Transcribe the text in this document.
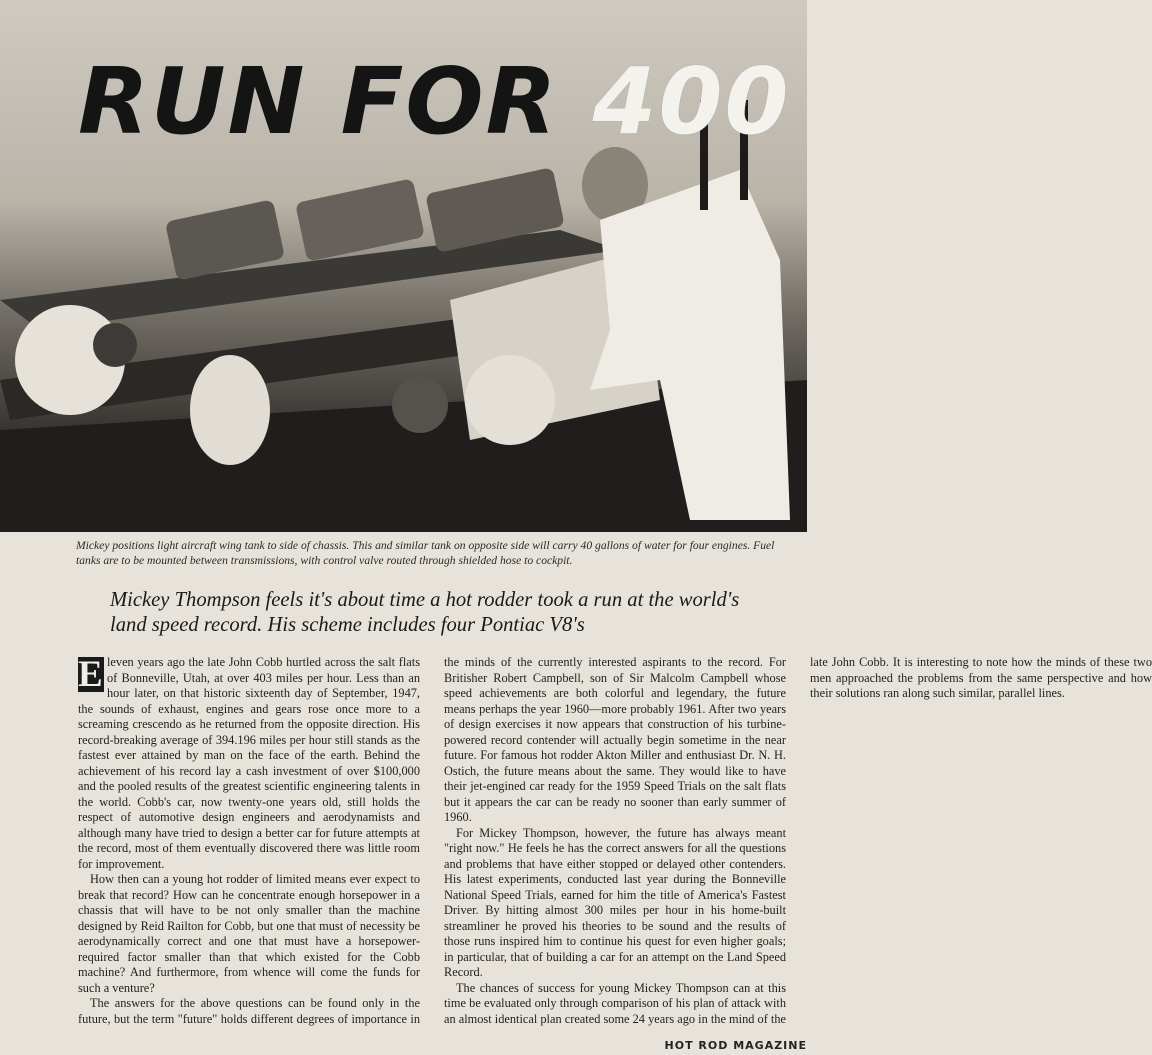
RUN FOR 400
Mickey positions light aircraft wing tank to side of chassis. This and similar tank on opposite side will carry 40 gallons of water for four engines. Fuel tanks are to be mounted between transmissions, with control valve routed through shielded hose to cockpit.
Mickey Thompson feels it's about time a hot rodder took a run at the world's land speed record. His scheme includes four Pontiac V8's

E leven years ago the late John Cobb hurtled across the salt flats of Bonneville, Utah, at over 403 miles per hour. Less than an hour later, on that historic sixteenth day of September, 1947, the sounds of exhaust, engines and gears rose once more to a screaming crescendo as he returned from the opposite direction. His record-breaking average of 394.196 miles per hour still stands as the fastest ever attained by man on the face of the earth. Behind the achievement of his record lay a cash investment of over $100,000 and the pooled results of the greatest scientific engineering talents in the world. Cobb's car, now twenty-one years old, still holds the respect of automotive design engineers and aerodynamists and although many have tried to design a better car for future attempts at the record, most of them eventually discovered there was little room for improvement.

How then can a young hot rodder of limited means ever expect to break that record? How can he concentrate enough horsepower in a chassis that will have to be not only smaller than the machine designed by Reid Railton for Cobb, but one that must of necessity be aerodynamically correct and one that must have a horsepower-required factor smaller than that which existed for the Cobb machine? And furthermore, from whence will come the funds for such a venture?

The answers for the above questions can be found only in the future, but the term "future" holds different degrees of importance in the minds of the currently interested aspirants to the record. For Britisher Robert Campbell, son of Sir Malcolm Campbell whose speed achievements are both colorful and legendary, the future means perhaps the year 1960—more probably 1961. After two years of design exercises it now appears that construction of his turbine-powered record contender will actually begin sometime in the near future. For famous hot rodder Akton Miller and enthusiast Dr. N. H. Ostich, the future means about the same. They would like to have their jet-engined car ready for the 1959 Speed Trials on the salt flats but it appears the car can be ready no sooner than early summer of 1960.

For Mickey Thompson, however, the future has always meant "right now." He feels he has the correct answers for all the questions and problems that have either stopped or delayed other contenders. His latest experiments, conducted last year during the Bonneville National Speed Trials, earned for him the title of America's Fastest Driver. By hitting almost 300 miles per hour in his home-built streamliner he proved his theories to be sound and the results of those runs inspired him to continue his quest for even higher goals; in particular, that of building a car for an attempt on the Land Speed Record.

The chances of success for young Mickey Thompson can at this time be evaluated only through comparison of his plan of attack with an almost identical plan created some 24 years ago in the mind of the late John Cobb. It is interesting to note how the minds of these two men approached the problems from the same perspective and how their solutions ran along such similar, parallel lines.

HOT ROD MAGAZINE
